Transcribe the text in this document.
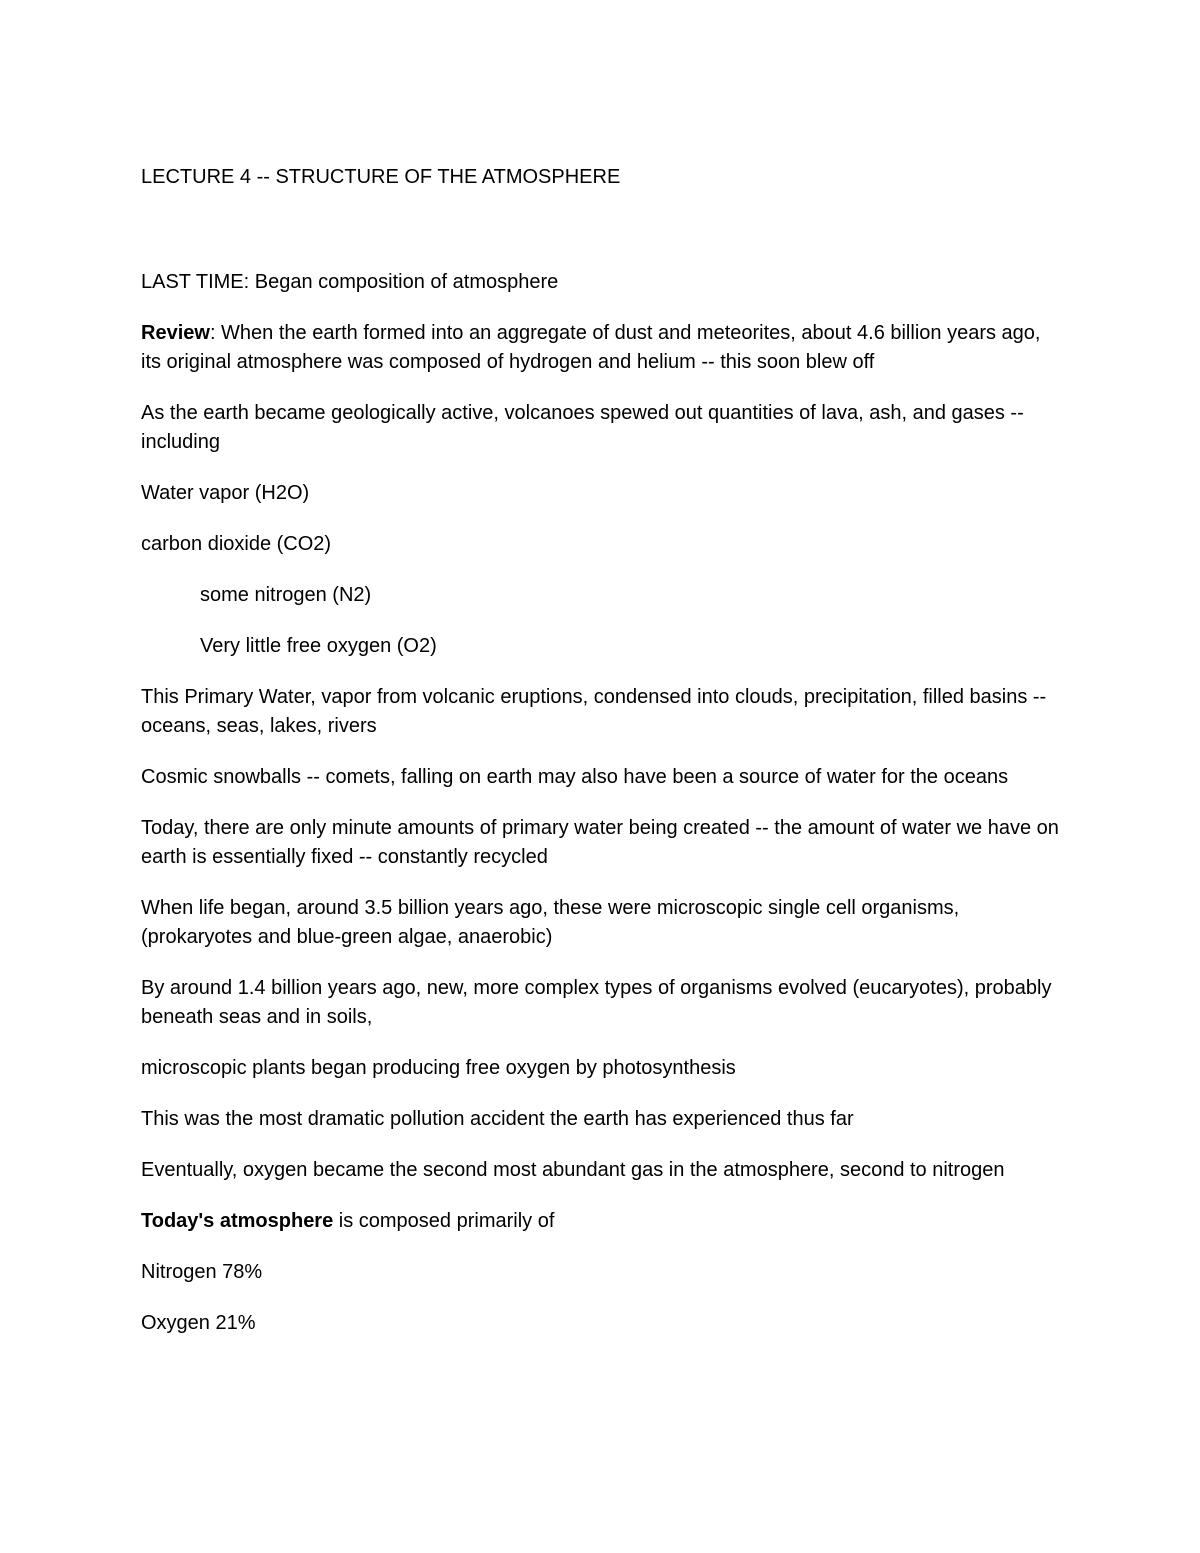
LECTURE 4 -- STRUCTURE OF THE ATMOSPHERE
LAST TIME: Began composition of atmosphere
Review: When the earth formed into an aggregate of dust and meteorites, about 4.6 billion years ago, its original atmosphere was composed of hydrogen and helium -- this soon blew off
As the earth became geologically active, volcanoes spewed out quantities of lava, ash, and gases -- including
Water vapor (H2O)
carbon dioxide (CO2)
some nitrogen (N2)
Very little free oxygen (O2)
This Primary Water, vapor from volcanic eruptions, condensed into clouds, precipitation, filled basins -- oceans, seas, lakes, rivers
Cosmic snowballs -- comets, falling on earth may also have been a source of water for the oceans
Today, there are only minute amounts of primary water being created -- the amount of water we have on earth is essentially fixed -- constantly recycled
When life began, around 3.5 billion years ago, these were microscopic single cell organisms, (prokaryotes and blue-green algae, anaerobic)
By around 1.4 billion years ago, new, more complex types of organisms evolved (eucaryotes), probably beneath seas and in soils,
microscopic plants began producing free oxygen by photosynthesis
This was the most dramatic pollution accident the earth has experienced thus far
Eventually, oxygen became the second most abundant gas in the atmosphere, second to nitrogen
Today's atmosphere is composed primarily of
Nitrogen 78%
Oxygen 21%
